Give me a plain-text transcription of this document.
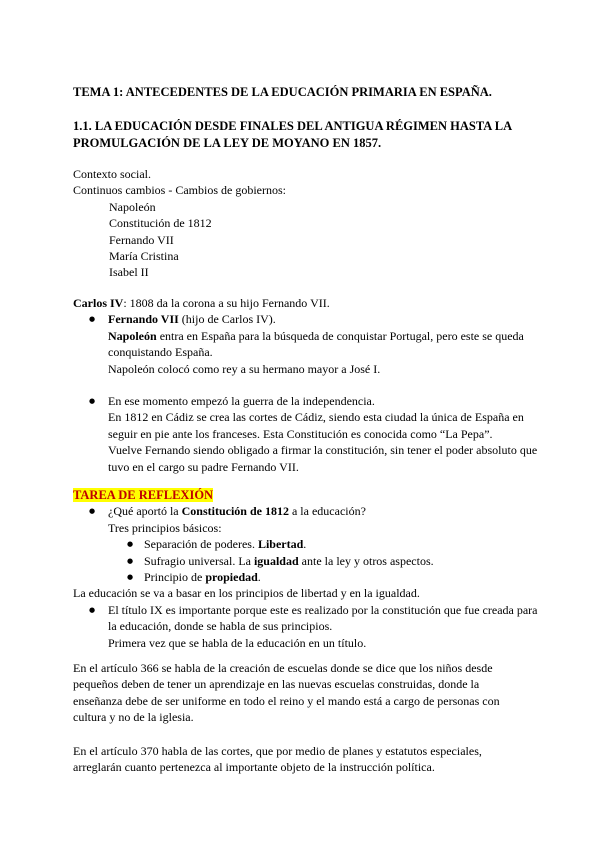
TEMA 1: ANTECEDENTES DE LA EDUCACIÓN PRIMARIA EN ESPAÑA.
1.1. LA EDUCACIÓN DESDE FINALES DEL ANTIGUA RÉGIMEN HASTA LA PROMULGACIÓN DE LA LEY DE MOYANO EN 1857.
Contexto social.
Continuos cambios - Cambios de gobiernos:
Napoleón
Constitución de 1812
Fernando VII
María Cristina
Isabel II
Carlos IV: 1808 da la corona a su hijo Fernando VII.
● Fernando VII (hijo de Carlos IV).
Napoleón entra en España para la búsqueda de conquistar Portugal, pero este se queda conquistando España.
Napoleón colocó como rey a su hermano mayor a José I.
● En ese momento empezó la guerra de la independencia.
En 1812 en Cádiz se crea las cortes de Cádiz, siendo esta ciudad la única de España en seguir en pie ante los franceses. Esta Constitución es conocida como “La Pepa”.
Vuelve Fernando siendo obligado a firmar la constitución, sin tener el poder absoluto que tuvo en el cargo su padre Fernando VII.
TAREA DE REFLEXIÓN
● ¿Qué aportó la Constitución de 1812 a la educación?
Tres principios básicos:
● Separación de poderes. Libertad.
● Sufragio universal. La igualdad ante la ley y otros aspectos.
● Principio de propiedad.
La educación se va a basar en los principios de libertad y en la igualdad.
● El título IX es importante porque este es realizado por la constitución que fue creada para la educación, donde se habla de sus principios.
Primera vez que se habla de la educación en un título.
En el artículo 366 se habla de la creación de escuelas donde se dice que los niños desde pequeños deben de tener un aprendizaje en las nuevas escuelas construidas, donde la enseñanza debe de ser uniforme en todo el reino y el mando está a cargo de personas con cultura y no de la iglesia.
En el artículo 370 habla de las cortes, que por medio de planes y estatutos especiales, arreglarán cuanto pertenezca al importante objeto de la instrucción política.
